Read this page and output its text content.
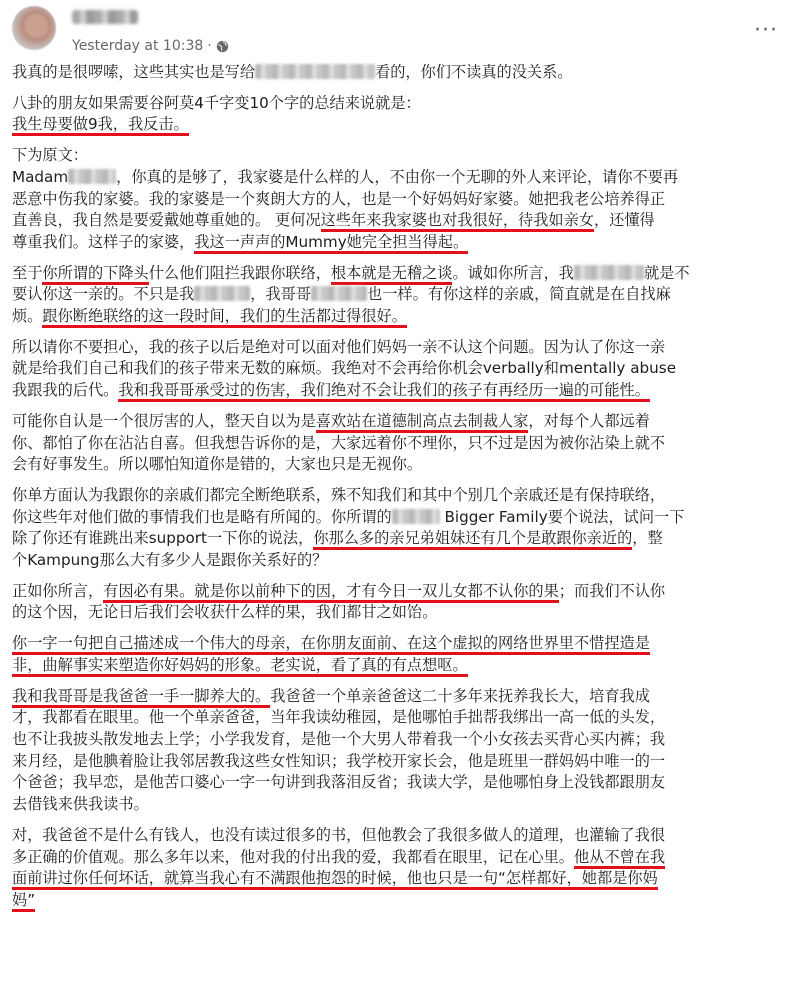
Yesterday at 10:38 ·
···
我真的是很啰嗦，这些其实也是写给	看的，你们不读真的没关系。
八卦的朋友如果需要谷阿莫4千字变10个字的总结来说就是：
我生母要做9我，我反击。
下为原文：
Madam	，你真的是够了，我家婆是什么样的人，不由你一个无聊的外人来评论，请你不要再
恶意中伤我的家婆。我的家婆是一个爽朗大方的人，也是一个好妈妈好家婆。她把我老公培养得正
直善良，我自然是要爱戴她尊重她的。 更何况这些年来我家婆也对我很好，待我如亲女，还懂得
尊重我们。这样子的家婆，我这一声声的Mummy她完全担当得起。
至于你所谓的下降头什么他们阻拦我跟你联络，根本就是无稽之谈。诚如你所言，我	就是不
要认你这一亲的。不只是我	，我哥哥	也一样。有你这样的亲戚，简直就是在自找麻
烦。跟你断绝联络的这一段时间，我们的生活都过得很好。
所以请你不要担心，我的孩子以后是绝对可以面对他们妈妈一亲不认这个问题。因为认了你这一亲
就是给我们自己和我们的孩子带来无数的麻烦。我绝对不会再给你机会verbally和mentally abuse
我跟我的后代。我和我哥哥承受过的伤害，我们绝对不会让我们的孩子有再经历一遍的可能性。
可能你自认是一个很厉害的人，整天自以为是喜欢站在道德制高点去制裁人家，对每个人都远着
你、都怕了你在沾沾自喜。但我想告诉你的是，大家远着你不理你，只不过是因为被你沾染上就不
会有好事发生。所以哪怕知道你是错的，大家也只是无视你。
你单方面认为我跟你的亲戚们都完全断绝联系，殊不知我们和其中个别几个亲戚还是有保持联络，
你这些年对他们做的事情我们也是略有所闻的。你所谓的	Bigger Family要个说法，试问一下
除了你还有谁跳出来support一下你的说法，你那么多的亲兄弟姐妹还有几个是敢跟你亲近的，整
个Kampung那么大有多少人是跟你关系好的？
正如你所言，有因必有果。就是你以前种下的因，才有今日一双儿女都不认你的果；而我们不认你
的这个因，无论日后我们会收获什么样的果，我们都甘之如饴。
你一字一句把自己描述成一个伟大的母亲，在你朋友面前、在这个虚拟的网络世界里不惜捏造是
非，曲解事实来塑造你好妈妈的形象。老实说，看了真的有点想呕。
我和我哥哥是我爸爸一手一脚养大的。我爸爸一个单亲爸爸这二十多年来抚养我长大，培育我成
才，我都看在眼里。他一个单亲爸爸，当年我读幼稚园，是他哪怕手拙帮我绑出一高一低的头发，
也不让我披头散发地去上学；小学我发育，是他一个大男人带着我一个小女孩去买背心买内裤；我
来月经，是他腆着脸让我邻居教我这些女性知识；我学校开家长会，他是班里一群妈妈中唯一的一
个爸爸；我早恋，是他苦口婆心一字一句讲到我落泪反省；我读大学，是他哪怕身上没钱都跟朋友
去借钱来供我读书。
对，我爸爸不是什么有钱人，也没有读过很多的书，但他教会了我很多做人的道理，也灌输了我很
多正确的价值观。那么多年以来，他对我的付出我的爱，我都看在眼里，记在心里。他从不曾在我
面前讲过你任何坏话，就算当我心有不满跟他抱怨的时候，他也只是一句“怎样都好，她都是你妈
妈”
